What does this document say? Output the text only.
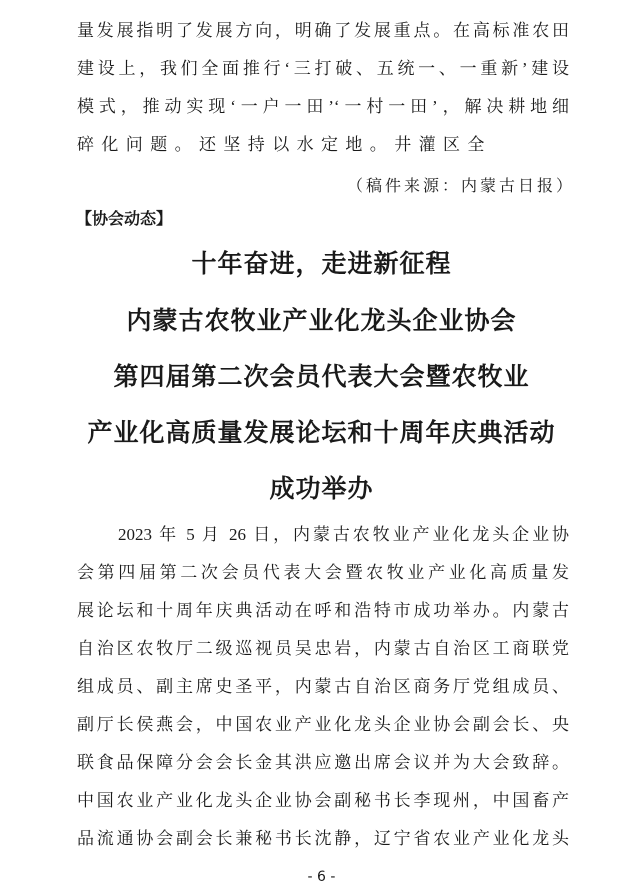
量发展指明了发展方向，明确了发展重点。在高标准农田
建设上，我们全面推行‘三打破、五统一、一重新’建设
模式，推动实现‘一户一田’‘一村一田’，解决耕地细
碎化问题。还坚持以水定地。井灌区全
（稿件来源：内蒙古日报）
【协会动态】
十年奋进，走进新征程
内蒙古农牧业产业化龙头企业协会
第四届第二次会员代表大会暨农牧业
产业化高质量发展论坛和十周年庆典活动
成功举办
2023 年 5 月 26 日，内蒙古农牧业产业化龙头企业协
会第四届第二次会员代表大会暨农牧业产业化高质量发
展论坛和十周年庆典活动在呼和浩特市成功举办。内蒙古
自治区农牧厅二级巡视员吴忠岩，内蒙古自治区工商联党
组成员、副主席史圣平，内蒙古自治区商务厅党组成员、
副厅长侯燕会，中国农业产业化龙头企业协会副会长、央
联食品保障分会会长金其洪应邀出席会议并为大会致辞。
中国农业产业化龙头企业协会副秘书长李现州，中国畜产
品流通协会副会长兼秘书长沈静，辽宁省农业产业化龙头
- 6 -
